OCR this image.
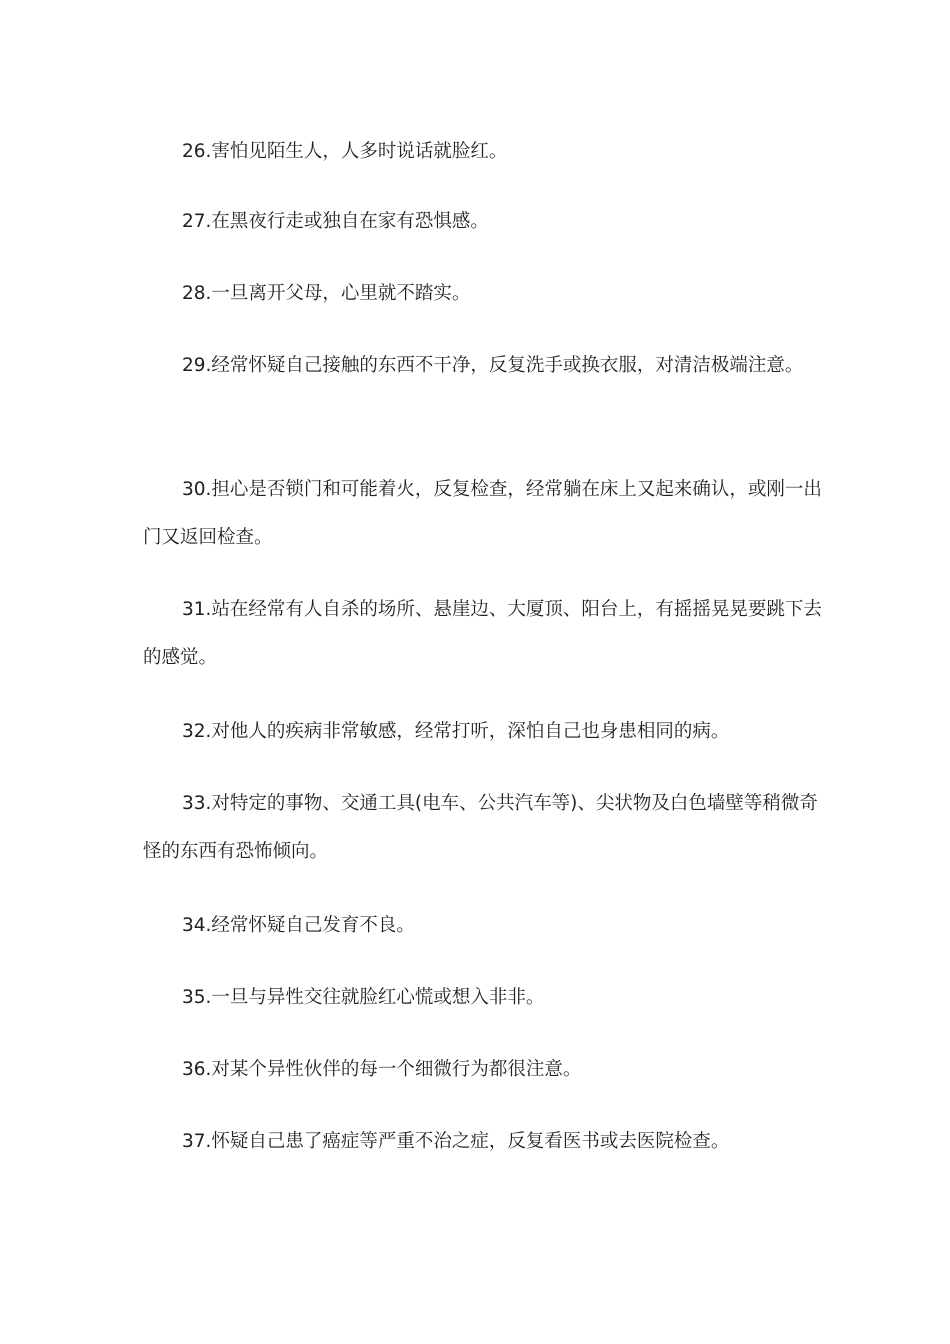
26.害怕见陌生人，人多时说话就脸红。

27.在黑夜行走或独自在家有恐惧感。

28.一旦离开父母，心里就不踏实。

29.经常怀疑自己接触的东西不干净，反复洗手或换衣服，对清洁极端注意。

30.担心是否锁门和可能着火，反复检查，经常躺在床上又起来确认，或刚一出门又返回检查。

31.站在经常有人自杀的场所、悬崖边、大厦顶、阳台上，有摇摇晃晃要跳下去的感觉。

32.对他人的疾病非常敏感，经常打听，深怕自己也身患相同的病。

33.对特定的事物、交通工具(电车、公共汽车等)、尖状物及白色墙壁等稍微奇怪的东西有恐怖倾向。

34.经常怀疑自己发育不良。

35.一旦与异性交往就脸红心慌或想入非非。

36.对某个异性伙伴的每一个细微行为都很注意。

37.怀疑自己患了癌症等严重不治之症，反复看医书或去医院检查。
